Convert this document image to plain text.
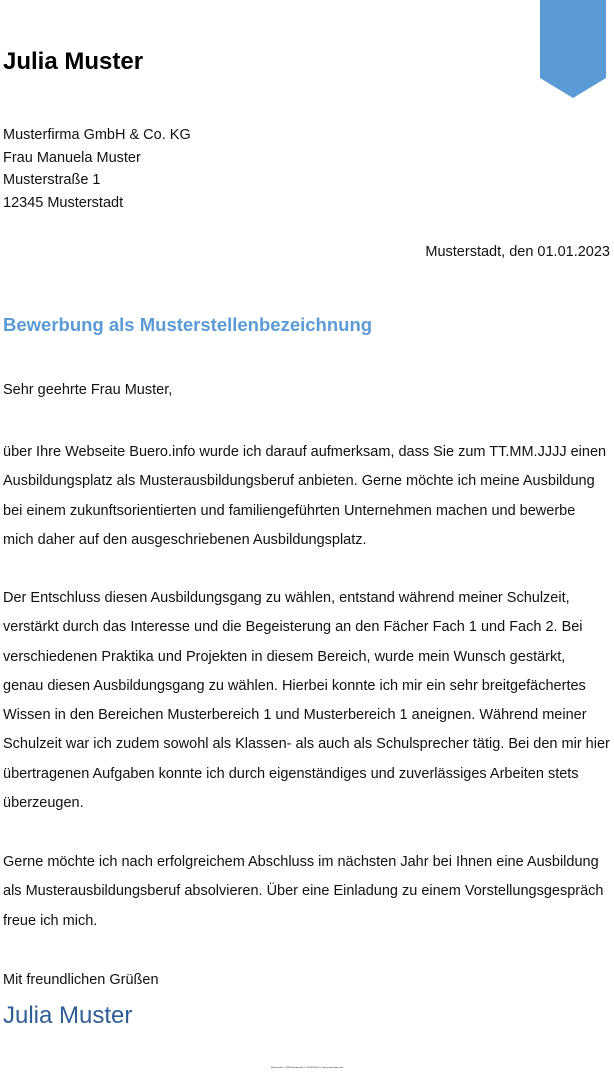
Julia Muster
Musterfirma GmbH & Co. KG
Frau Manuela Muster
Musterstraße 1
12345 Musterstadt
Musterstadt, den 01.01.2023
Bewerbung als Musterstellenbezeichnung
Sehr geehrte Frau Muster,
über Ihre Webseite Buero.info wurde ich darauf aufmerksam, dass Sie zum TT.MM.JJJJ einen
Ausbildungsplatz als Musterausbildungsberuf anbieten. Gerne möchte ich meine Ausbildung
bei einem zukunftsorientierten und familiengeführten Unternehmen machen und bewerbe
mich daher auf den ausgeschriebenen Ausbildungsplatz.
Der Entschluss diesen Ausbildungsgang zu wählen, entstand während meiner Schulzeit,
verstärkt durch das Interesse und die Begeisterung an den Fächer Fach 1 und Fach 2. Bei
verschiedenen Praktika und Projekten in diesem Bereich, wurde mein Wunsch gestärkt,
genau diesen Ausbildungsgang zu wählen. Hierbei konnte ich mir ein sehr breitgefächertes
Wissen in den Bereichen Musterbereich 1 und Musterbereich 1 aneignen. Während meiner
Schulzeit war ich zudem sowohl als Klassen- als auch als Schulsprecher tätig. Bei den mir hier
übertragenen Aufgaben konnte ich durch eigenständiges und zuverlässiges Arbeiten stets
überzeugen.
Gerne möchte ich nach erfolgreichem Abschluss im nächsten Jahr bei Ihnen eine Ausbildung
als Musterausbildungsberuf absolvieren. Über eine Einladung zu einem Vorstellungsgespräch
freue ich mich.
Mit freundlichen Grüßen
Julia Muster
Musterstraße 1 | 12345 Musterstadt | T: 01234/56789 | E: julia.muster@buero.info
